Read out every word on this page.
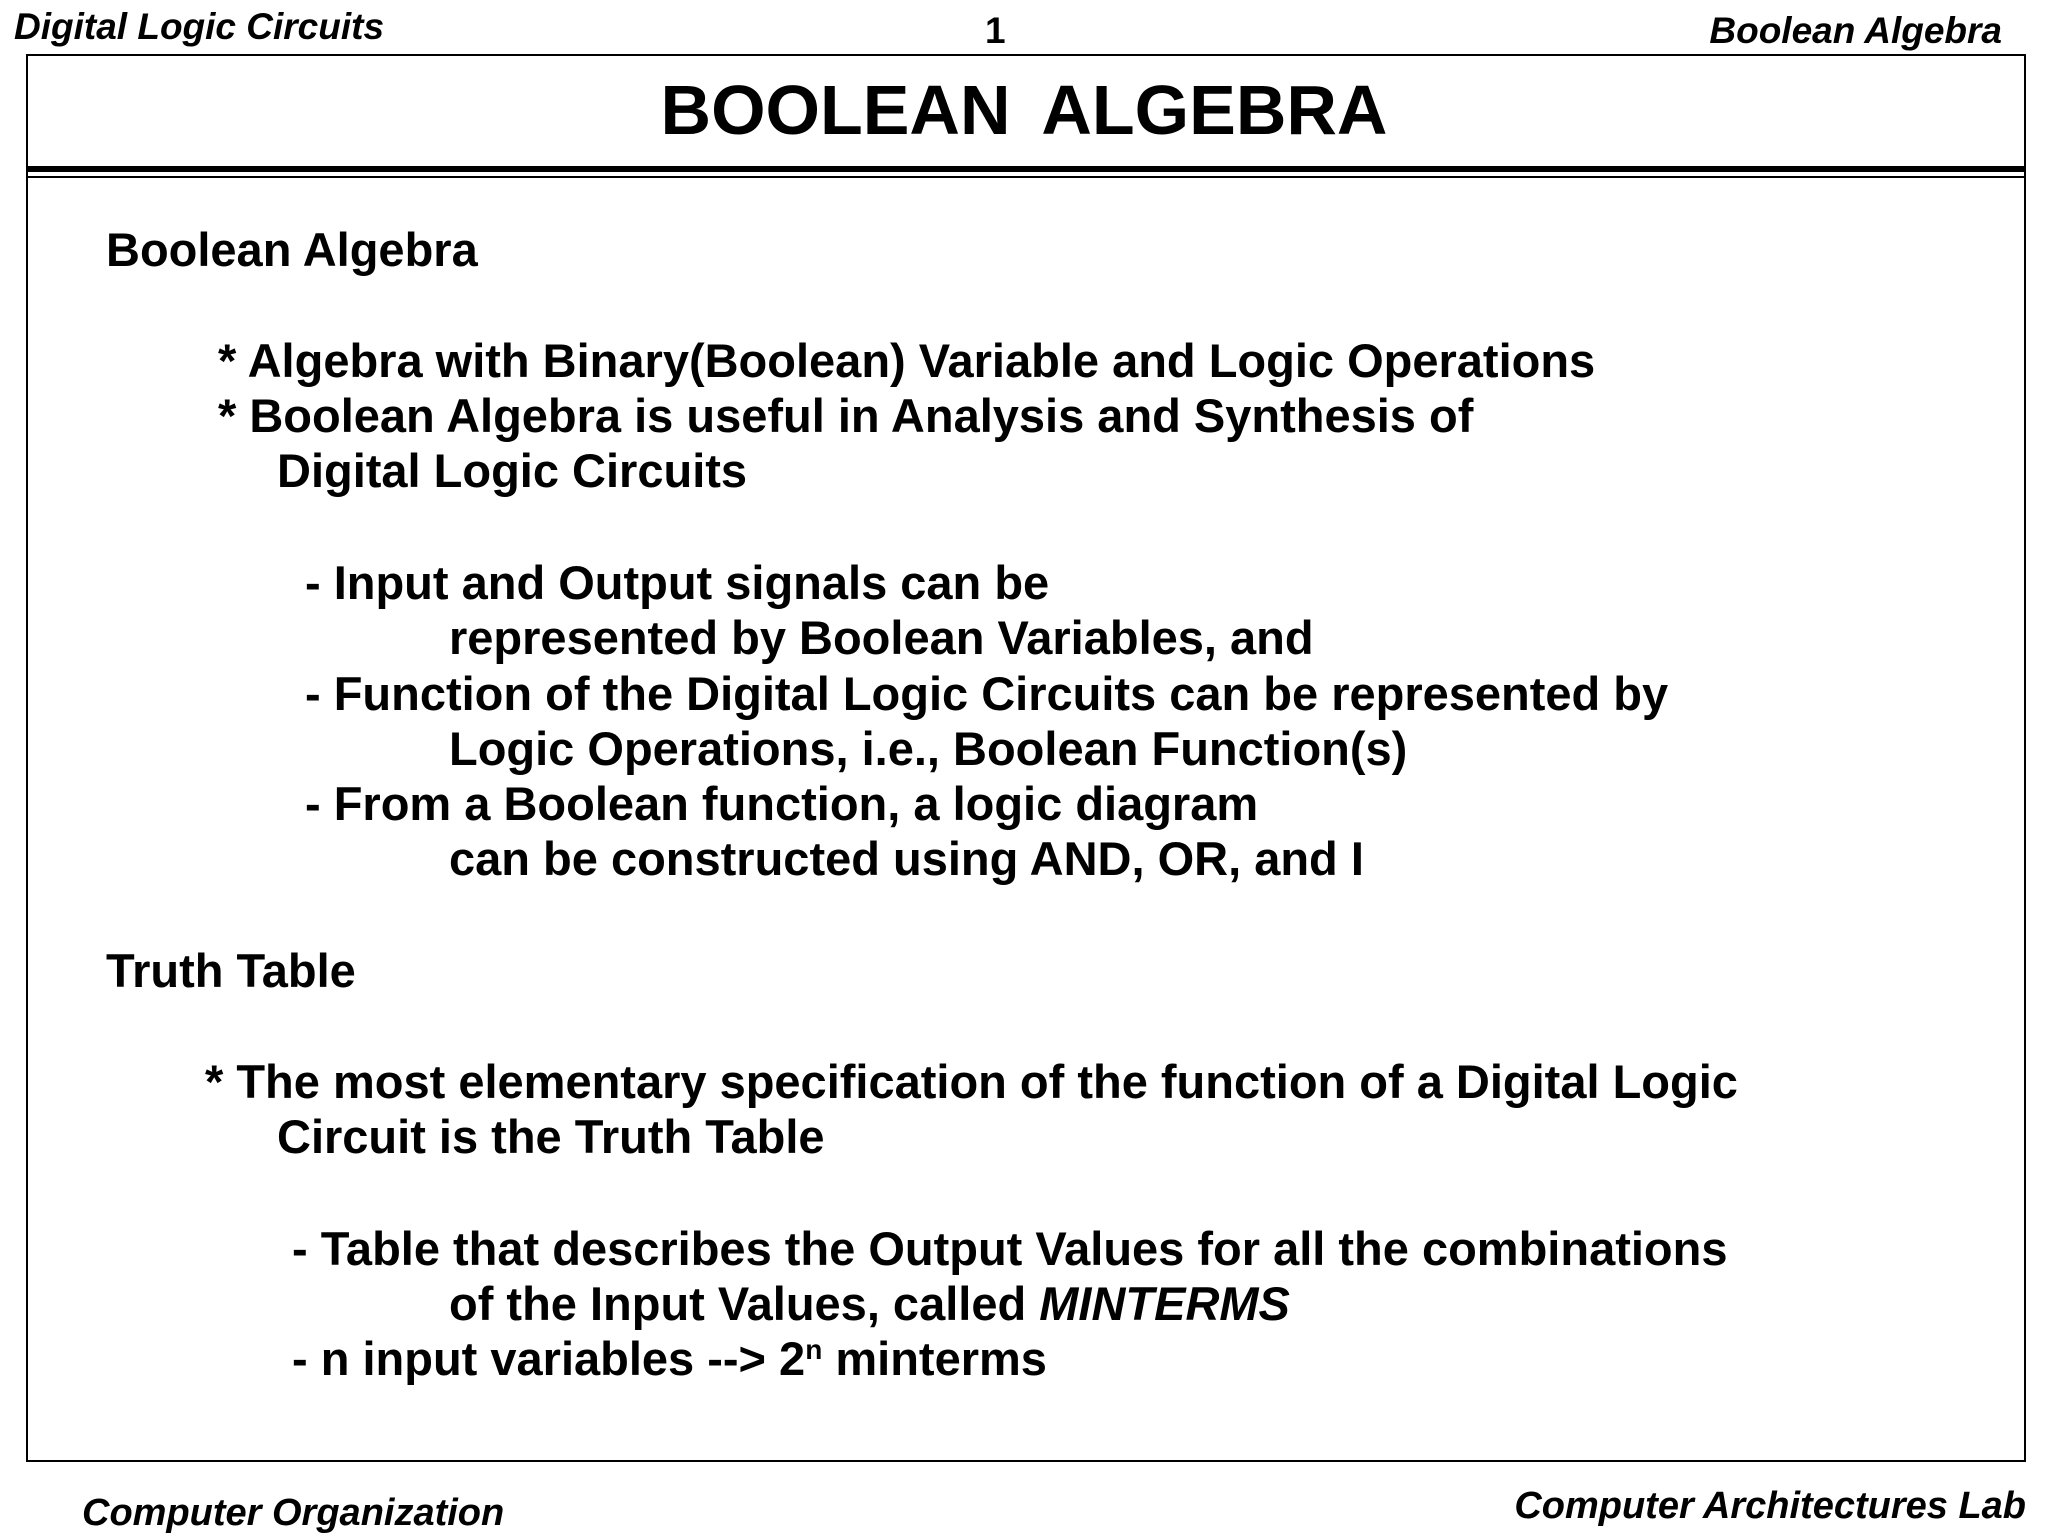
Digital Logic Circuits	1	Boolean Algebra
BOOLEAN ALGEBRA
Boolean Algebra
* Algebra with Binary(Boolean) Variable and Logic Operations
* Boolean Algebra is useful in Analysis and Synthesis of
Digital Logic Circuits
- Input and Output signals can be
represented by Boolean Variables, and
- Function of the Digital Logic Circuits can be represented by
Logic Operations, i.e., Boolean Function(s)
- From a Boolean function, a logic diagram
can be constructed using AND, OR, and I
Truth Table
* The most elementary specification of the function of a Digital Logic
Circuit is the Truth Table
- Table that describes the Output Values for all the combinations
of the Input Values, called MINTERMS
- n input variables --> $2^n$ minterms
Computer Organization	Computer Architectures Lab
